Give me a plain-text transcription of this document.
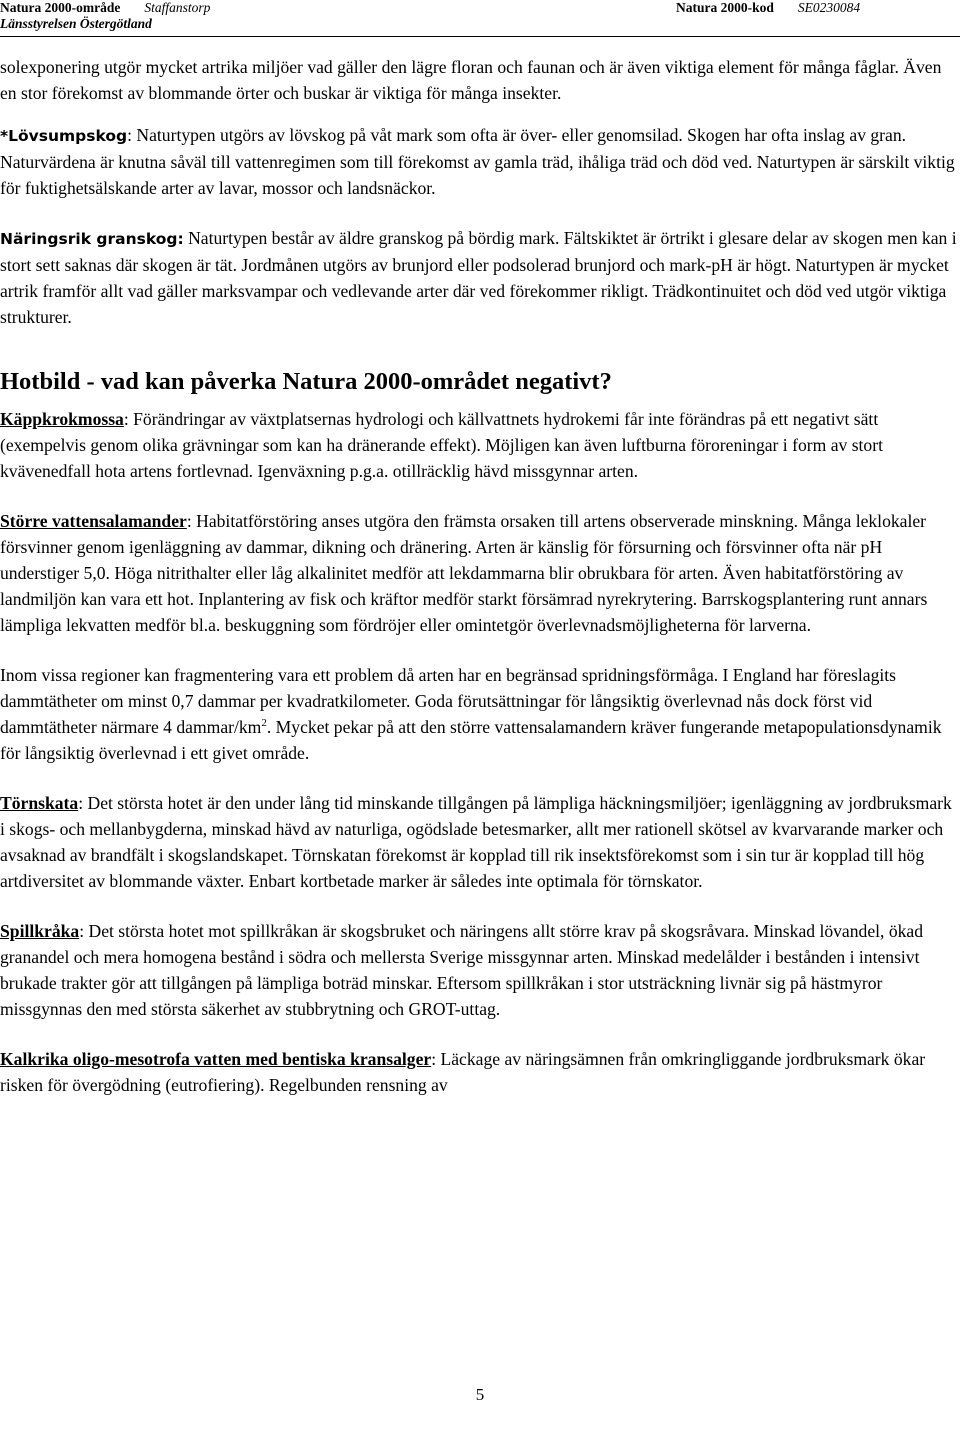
Natura 2000-område Staffanstorp	Natura 2000-kod SE0230084
Länsstyrelsen Östergötland

solexponering utgör mycket artrika miljöer vad gäller den lägre floran och faunan och är även viktiga element för många fåglar. Även en stor förekomst av blommande örter och buskar är viktiga för många insekter.

*Lövsumpskog: Naturtypen utgörs av lövskog på våt mark som ofta är över- eller genomsilad. Skogen har ofta inslag av gran. Naturvärdena är knutna såväl till vattenregimen som till förekomst av gamla träd, ihåliga träd och död ved. Naturtypen är särskilt viktig för fuktighetsälskande arter av lavar, mossor och landsnäckor.

Näringsrik granskog: Naturtypen består av äldre granskog på bördig mark. Fältskiktet är örtrikt i glesare delar av skogen men kan i stort sett saknas där skogen är tät. Jordmånen utgörs av brunjord eller podsolerad brunjord och mark-pH är högt. Naturtypen är mycket artrik framför allt vad gäller marksvampar och vedlevande arter där ved förekommer rikligt. Trädkontinuitet och död ved utgör viktiga strukturer.

Hotbild - vad kan påverka Natura 2000-området negativt?

Käppkrokmossa: Förändringar av växtplatsernas hydrologi och källvattnets hydrokemi får inte förändras på ett negativt sätt (exempelvis genom olika grävningar som kan ha dränerande effekt). Möjligen kan även luftburna föroreningar i form av stort kvävenedfall hota artens fortlevnad. Igenväxning p.g.a. otillräcklig hävd missgynnar arten.

Större vattensalamander: Habitatförstöring anses utgöra den främsta orsaken till artens observerade minskning. Många leklokaler försvinner genom igenläggning av dammar, dikning och dränering. Arten är känslig för försurning och försvinner ofta när pH understiger 5,0. Höga nitrithalter eller låg alkalinitet medför att lekdammarna blir obrukbara för arten. Även habitatförstöring av landmiljön kan vara ett hot. Inplantering av fisk och kräftor medför starkt försämrad nyrekrytering. Barrskogsplantering runt annars lämpliga lekvatten medför bl.a. beskuggning som fördröjer eller omintetgör överlevnadsmöjligheterna för larverna.

Inom vissa regioner kan fragmentering vara ett problem då arten har en begränsad spridningsförmåga. I England har föreslagits dammtätheter om minst 0,7 dammar per kvadratkilometer. Goda förutsättningar för långsiktig överlevnad nås dock först vid dammtätheter närmare 4 dammar/$km^2$. Mycket pekar på att den större vattensalamandern kräver fungerande metapopulationsdynamik för långsiktig överlevnad i ett givet område.

Törnskata: Det största hotet är den under lång tid minskande tillgången på lämpliga häckningsmiljöer; igenläggning av jordbruksmark i skogs- och mellanbygderna, minskad hävd av naturliga, ogödslade betesmarker, allt mer rationell skötsel av kvarvarande marker och avsaknad av brandfält i skogslandskapet. Törnskatan förekomst är kopplad till rik insektsförekomst som i sin tur är kopplad till hög artdiversitet av blommande växter. Enbart kortbetade marker är således inte optimala för törnskator.

Spillkråka: Det största hotet mot spillkråkan är skogsbruket och näringens allt större krav på skogsråvara. Minskad lövandel, ökad granandel och mera homogena bestånd i södra och mellersta Sverige missgynnar arten. Minskad medelålder i bestånden i intensivt brukade trakter gör att tillgången på lämpliga boträd minskar. Eftersom spillkråkan i stor utsträckning livnär sig på hästmyror missgynnas den med största säkerhet av stubbrytning och GROT-uttag.

Kalkrika oligo-mesotrofa vatten med bentiska kransalger: Läckage av näringsämnen från omkringliggande jordbruksmark ökar risken för övergödning (eutrofiering). Regelbunden rensning av

5
